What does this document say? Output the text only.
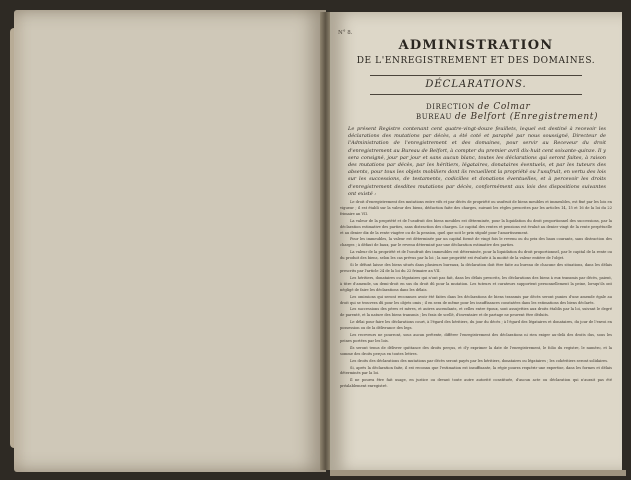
N° 8.
ADMINISTRATION
DE L'ENREGISTREMENT ET DES DOMAINES.
DÉCLARATIONS.
DIRECTION de Colmar
BUREAU de Belfort (Enregistrement)
Le présent Registre contenant cent quatre-vingt-douze feuillets, lequel est destiné à recevoir les déclarations des mutations par décès, a été coté et paraphé par nous soussigné, Directeur de l'Administration de l'enregistrement et des domaines, pour servir au Receveur du droit d'enregistrement au Bureau de Belfort, à compter du premier avril dix-huit cent soixante-quinze. Il y sera consigné, jour par jour et sans aucun blanc, toutes les déclarations qui seront faites, à raison des mutations par décès, par les héritiers, légataires, donataires éventuels, et par les tuteurs des absents, pour tous les objets mobiliers dont ils recueillent la propriété ou l'usufruit, en vertu des lois sur les successions, de testaments, codicilles et donations éventuelles, et à percevoir les droits d'enregistrement desdites mutations par décès, conformément aux lois des dispositions suivantes ont existé :

Le droit d'enregistrement des mutations entre vifs et par décès de propriété ou usufruit de biens meubles et immeubles, est fixé par les lois en vigueur ; il est établi sur la valeur des biens, déduction faite des charges, suivant les règles prescrites par les articles 14, 15 et 16 de la loi du 22 frimaire an VII.

La valeur de la propriété et de l'usufruit des biens meubles est déterminée, pour la liquidation du droit proportionnel des successions, par la déclaration estimative des parties, sans distraction des charges. Le capital des rentes et pensions est évalué au denier vingt de la rente perpétuelle et au denier dix de la rente viagère ou de la pension, quel que soit le prix stipulé pour l'amortissement.

Pour les immeubles, la valeur est déterminée par un capital formé de vingt fois le revenu ou du prix des baux courants, sans distraction des charges ; à défaut de baux, par le revenu déterminé par une déclaration estimative des parties.

La valeur de la propriété et de l'usufruit des immeubles est déterminée, pour la liquidation du droit proportionnel, par le capital de la rente ou du produit des biens, selon les cas prévus par la loi ; la nue propriété est évaluée à la moitié de la valeur entière de l'objet.

Si le défunt laisse des biens situés dans plusieurs bureaux, la déclaration doit être faite au bureau de chacune des situations, dans les délais prescrits par l'article 24 de la loi du 22 frimaire an VII.

Les héritiers, donataires ou légataires qui n'ont pas fait, dans les délais prescrits, les déclarations des biens à eux transmis par décès, paient, à titre d'amende, un demi-droit en sus du droit dû pour la mutation. Les tuteurs et curateurs supportent personnellement la peine, lorsqu'ils ont négligé de faire les déclarations dans les délais.

Les omissions qui seront reconnues avoir été faites dans les déclarations de biens transmis par décès seront punies d'une amende égale au droit qui se trouvera dû pour les objets omis ; il en sera de même pour les insuffisances constatées dans les estimations des biens déclarés.

Les successions des pères et mères, et autres ascendants, et celles entre époux, sont assujetties aux droits établis par la loi, suivant le degré de parenté, et la nature des biens transmis ; les frais de scellé, d'inventaire et de partage ne peuvent être déduits.

Le délai pour faire les déclarations court, à l'égard des héritiers, du jour du décès ; à l'égard des légataires et donataires, du jour de l'envoi en possession ou de la délivrance des legs.

Les receveurs ne pourront, sous aucun prétexte, différer l'enregistrement des déclarations ni rien exiger au-delà des droits dus, sous les peines portées par les lois.

Ils seront tenus de délivrer quittance des droits perçus, et d'y exprimer la date de l'enregistrement, le folio du registre, le numéro, et la somme des droits perçus en toutes lettres.

Les droits des déclarations des mutations par décès seront payés par les héritiers, donataires ou légataires ; les cohéritiers seront solidaires.

Si, après la déclaration faite, il est reconnu que l'estimation est insuffisante, la régie pourra requérir une expertise, dans les formes et délais déterminés par la loi.

Il ne pourra être fait usage, en justice ou devant toute autre autorité constituée, d'aucun acte ou déclaration qui n'aurait pas été préalablement enregistré.
